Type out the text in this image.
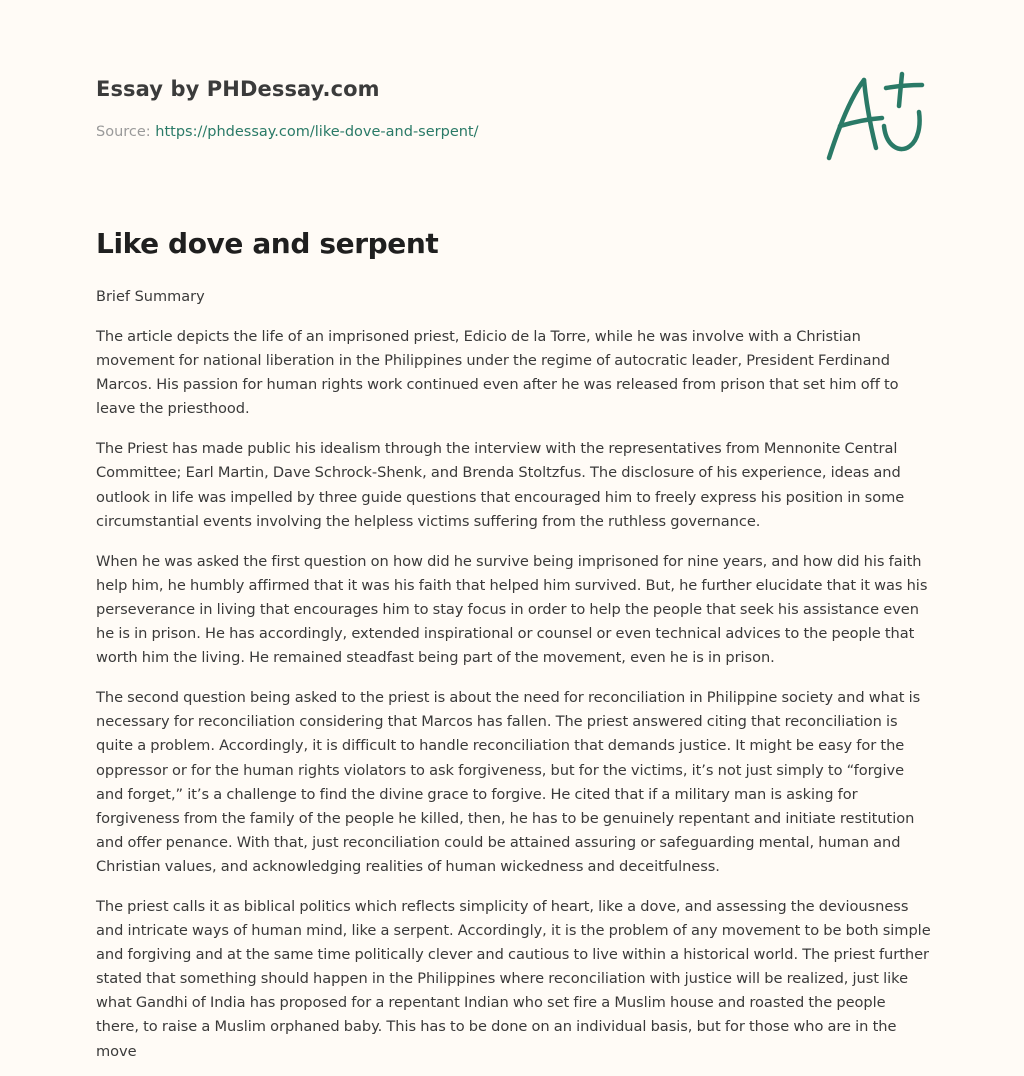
Essay by PHDessay.com
Source: https://phdessay.com/like-dove-and-serpent/
Like dove and serpent

Brief Summary

The article depicts the life of an imprisoned priest, Edicio de la Torre, while he was involve with a Christian movement for national liberation in the Philippines under the regime of autocratic leader, President Ferdinand Marcos. His passion for human rights work continued even after he was released from prison that set him off to leave the priesthood.

The Priest has made public his idealism through the interview with the representatives from Mennonite Central Committee; Earl Martin, Dave Schrock-Shenk, and Brenda Stoltzfus. The disclosure of his experience, ideas and outlook in life was impelled by three guide questions that encouraged him to freely express his position in some circumstantial events involving the helpless victims suffering from the ruthless governance.

When he was asked the first question on how did he survive being imprisoned for nine years, and how did his faith help him, he humbly affirmed that it was his faith that helped him survived. But, he further elucidate that it was his perseverance in living that encourages him to stay focus in order to help the people that seek his assistance even he is in prison. He has accordingly, extended inspirational or counsel or even technical advices to the people that worth him the living. He remained steadfast being part of the movement, even he is in prison.

The second question being asked to the priest is about the need for reconciliation in Philippine society and what is necessary for reconciliation considering that Marcos has fallen. The priest answered citing that reconciliation is quite a problem. Accordingly, it is difficult to handle reconciliation that demands justice. It might be easy for the oppressor or for the human rights violators to ask forgiveness, but for the victims, it’s not just simply to “forgive and forget,” it’s a challenge to find the divine grace to forgive. He cited that if a military man is asking for forgiveness from the family of the people he killed, then, he has to be genuinely repentant and initiate restitution and offer penance. With that, just reconciliation could be attained assuring or safeguarding mental, human and Christian values, and acknowledging realities of human wickedness and deceitfulness.

The priest calls it as biblical politics which reflects simplicity of heart, like a dove, and assessing the deviousness and intricate ways of human mind, like a serpent. Accordingly, it is the problem of any movement to be both simple and forgiving and at the same time politically clever and cautious to live within a historical world. The priest further stated that something should happen in the Philippines where reconciliation with justice will be realized, just like what Gandhi of India has proposed for a repentant Indian who set fire a Muslim house and roasted the people there, to raise a Muslim orphaned baby. This has to be done on an individual basis, but for those who are in the move
